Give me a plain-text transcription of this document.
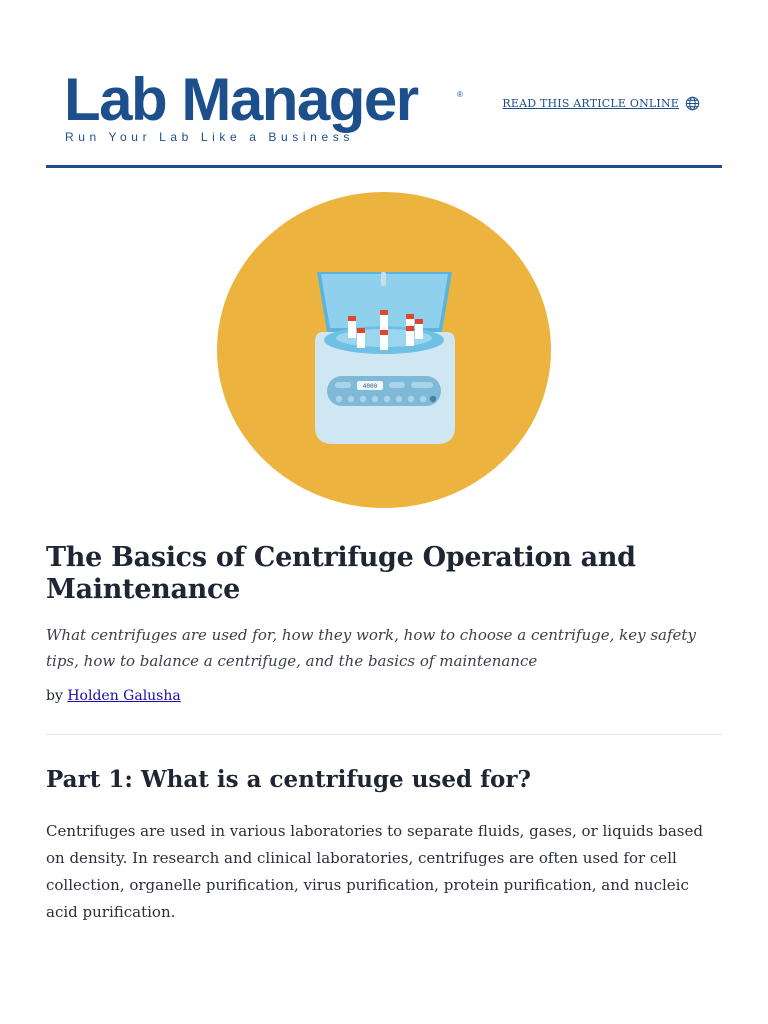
Lab Manager	®
Run Your Lab Like a Business
READ THIS ARTICLE ONLINE
4000
The Basics of Centrifuge Operation and Maintenance

What centrifuges are used for, how they work, how to choose a centrifuge, key safety tips, how to balance a centrifuge, and the basics of maintenance

by Holden Galusha
Part 1: What is a centrifuge used for?

Centrifuges are used in various laboratories to separate fluids, gases, or liquids based on density. In research and clinical laboratories, centrifuges are often used for cell collection, organelle purification, virus purification, protein purification, and nucleic acid purification.
